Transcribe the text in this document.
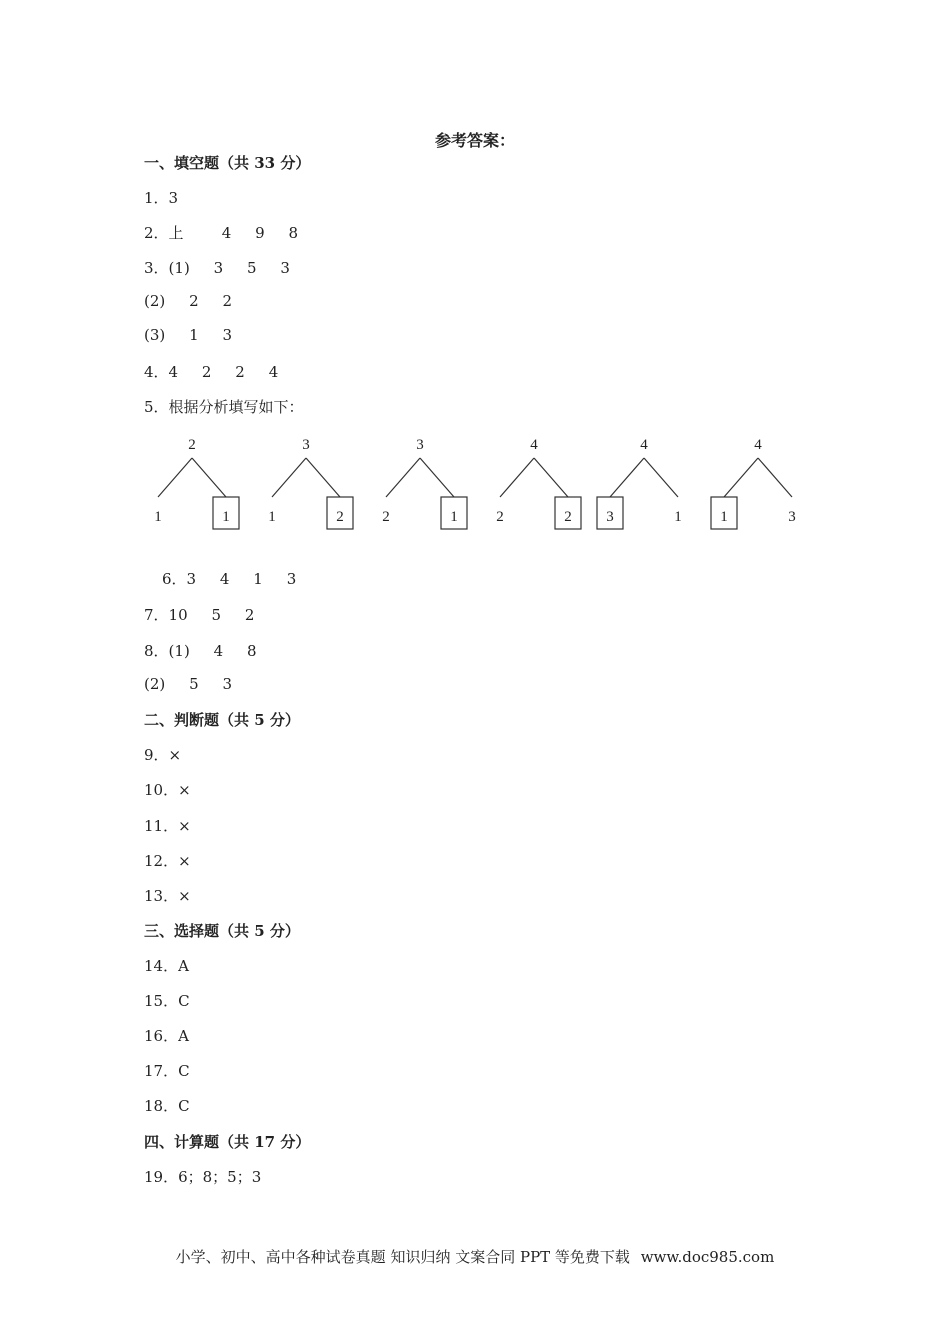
参考答案：
一、填空题（共 33 分）
1．3
2．上        4     9     8
3．(1)     3     5     3
(2)     2     2
(3)     1     3
4．4     2     2     4
5．根据分析填写如下：
2
1	1
3
1	2
3
2	1
4
2	2
4
3	1
4
1	3
6．3     4     1     3
7．10     5     2
8．(1)     4     8
(2)     5     3
二、判断题（共 5 分）
9．×
10．×
11．×
12．×
13．×
三、选择题（共 5 分）
14．A
15．C
16．A
17．C
18．C
四、计算题（共 17 分）
19．6；8；5；3
小学、初中、高中各种试卷真题 知识归纳 文案合同 PPT 等免费下载 www.doc985.com
